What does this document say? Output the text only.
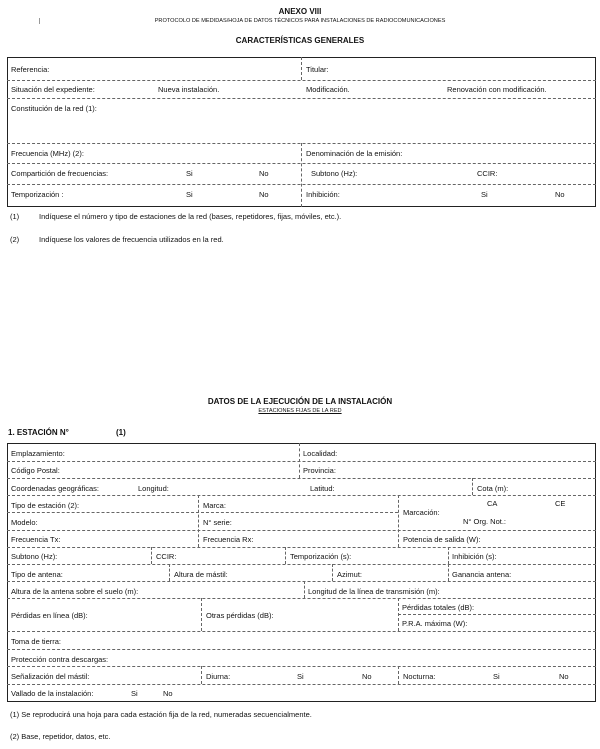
ANEXO VIII
PROTOCOLO DE MEDIDAS/HOJA DE DATOS TÉCNICOS PARA INSTALACIONES DE RADIOCOMUNICACIONES
CARACTERÍSTICAS GENERALES
Referencia:	Titular:
Situación del expediente:	Nueva instalación.	Modificación.	Renovación con modificación.
Constitución de la red (1):
Frecuencia (MHz) (2):	Denominación de la emisión:
Compartición de frecuencias:	Si	No	Subtono (Hz):	CCIR:
Temporización :	Si	No	Inhibición:	Si	No
(1)	Indíquese el número y tipo de estaciones de la red (bases, repetidores, fijas, móviles, etc.).
(2)	Indíquese los valores de frecuencia utilizados en la red.
DATOS DE LA EJECUCIÓN DE LA INSTALACIÓN
ESTACIONES FIJAS DE LA RED
1. ESTACIÓN N°	(1)
Emplazamiento:	Localidad:
Código Postal:	Provincia:
Coordenadas geográficas:	Longitud:	Latitud:	Cota (m):
Tipo de estación (2):	Marca:
Marcación:
CA	CE
Modelo:	N° serie:	N° Org. Not.:
Frecuencia Tx:	Frecuencia Rx:	Potencia de salida (W):
Subtono (Hz):	CCIR:	Temporización (s):	Inhibición (s):
Tipo de antena:	Altura de mástil:	Azimut:	Ganancia antena:
Altura de la antena sobre el suelo (m):	Longitud de la línea de transmisión (m):
Pérdidas en línea (dB):	Otras pérdidas (dB):
Pérdidas totales (dB):
P.R.A. máxima (W):
Toma de tierra:
Protección contra descargas:
Señalización del mástil:	Diurna:	Si	No	Nocturna:	Si	No
Vallado de la instalación:	Si	No
(1) Se reproducirá una hoja para cada estación fija de la red, numeradas secuencialmente.
(2) Base, repetidor, datos, etc.
